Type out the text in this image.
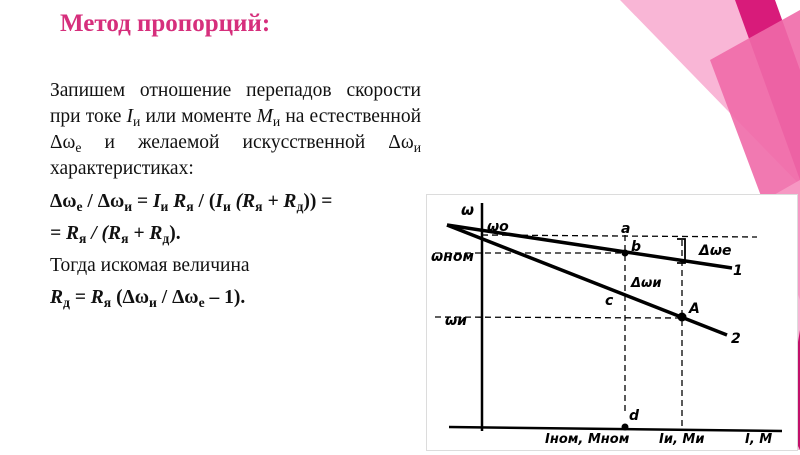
Метод пропорций:
Запишем отношение перепадов скорости при токе $I_и$ или моменте $M_и$ на естественной $\Delta\omega_е$ и желаемой искусственной $\Delta\omega_и$ характеристиках:
$\Delta\omega_е / \Delta\omega_и = I_и$ $R_я / (I_и$ $(R_я + R_д)$) =
= $R_я / (R_я + R_д)$.
Тогда искомая величина
$R_д = R_я$ $(\Delta\omega_и / \Delta\omega_е - 1)$.
ω
ωо
ωном
ωи
a
b
c
d
A
Δωе
Δωи
1
2
Iном, Mном Iи, Mи	I, M
